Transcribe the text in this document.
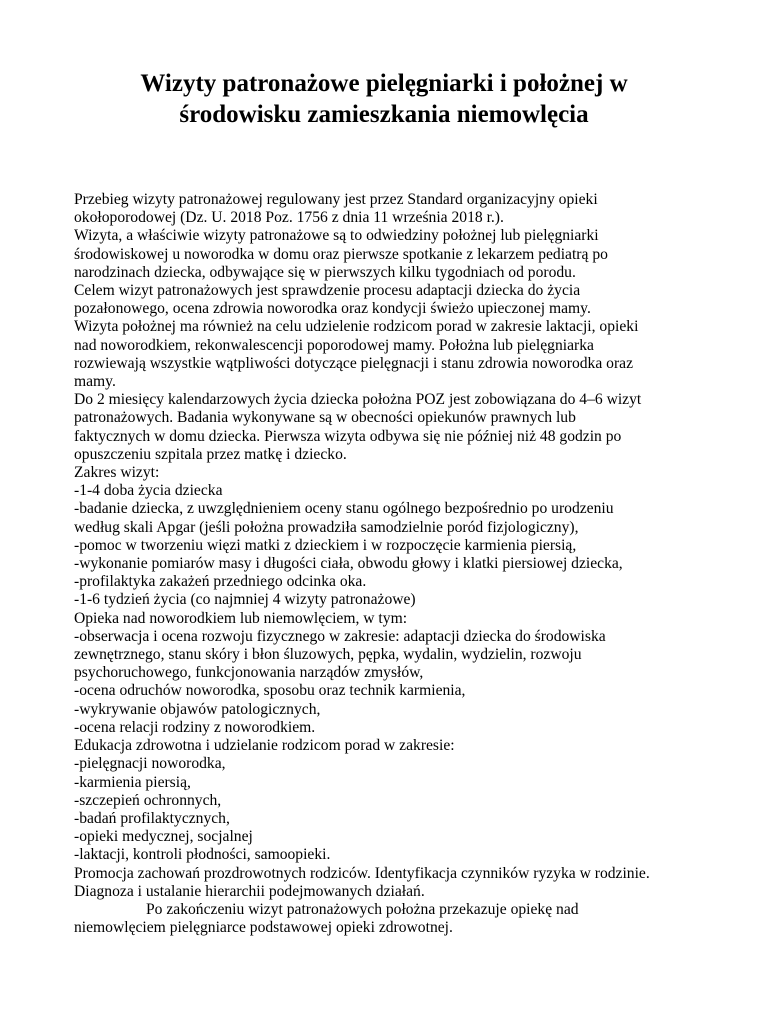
Wizyty patronażowe pielęgniarki i położnej w
środowisku zamieszkania niemowlęcia
Przebieg wizyty patronażowej regulowany jest przez Standard organizacyjny opieki
okołoporodowej (Dz. U. 2018 Poz. 1756 z dnia 11 września 2018 r.).
Wizyta, a właściwie wizyty patronażowe są to odwiedziny położnej lub pielęgniarki
środowiskowej u noworodka w domu oraz pierwsze spotkanie z lekarzem pediatrą po
narodzinach dziecka, odbywające się w pierwszych kilku tygodniach od porodu.
Celem wizyt patronażowych jest sprawdzenie procesu adaptacji dziecka do życia
pozałonowego, ocena zdrowia noworodka oraz kondycji świeżo upieczonej mamy.
Wizyta położnej ma również na celu udzielenie rodzicom porad w zakresie laktacji, opieki
nad noworodkiem, rekonwalescencji poporodowej mamy. Położna lub pielęgniarka
rozwiewają wszystkie wątpliwości dotyczące pielęgnacji i stanu zdrowia noworodka oraz
mamy.
Do 2 miesięcy kalendarzowych życia dziecka położna POZ jest zobowiązana do 4–6 wizyt
patronażowych. Badania wykonywane są w obecności opiekunów prawnych lub
faktycznych w domu dziecka. Pierwsza wizyta odbywa się nie później niż 48 godzin po
opuszczeniu szpitala przez matkę i dziecko.
Zakres wizyt:
-1-4 doba życia dziecka
-badanie dziecka, z uwzględnieniem oceny stanu ogólnego bezpośrednio po urodzeniu
według skali Apgar (jeśli położna prowadziła samodzielnie poród fizjologiczny),
-pomoc w tworzeniu więzi matki z dzieckiem i w rozpoczęcie karmienia piersią,
-wykonanie pomiarów masy i długości ciała, obwodu głowy i klatki piersiowej dziecka,
-profilaktyka zakażeń przedniego odcinka oka.
-1-6 tydzień życia (co najmniej 4 wizyty patronażowe)
Opieka nad noworodkiem lub niemowlęciem, w tym:
-obserwacja i ocena rozwoju fizycznego w zakresie: adaptacji dziecka do środowiska
zewnętrznego, stanu skóry i błon śluzowych, pępka, wydalin, wydzielin, rozwoju
psychoruchowego, funkcjonowania narządów zmysłów,
-ocena odruchów noworodka, sposobu oraz technik karmienia,
-wykrywanie objawów patologicznych,
-ocena relacji rodziny z noworodkiem.
Edukacja zdrowotna i udzielanie rodzicom porad w zakresie:
-pielęgnacji noworodka,
-karmienia piersią,
-szczepień ochronnych,
-badań profilaktycznych,
-opieki medycznej, socjalnej
-laktacji, kontroli płodności, samoopieki.
Promocja zachowań prozdrowotnych rodziców. Identyfikacja czynników ryzyka w rodzinie.
Diagnoza i ustalanie hierarchii podejmowanych działań.
Po zakończeniu wizyt patronażowych położna przekazuje opiekę nad
niemowlęciem pielęgniarce podstawowej opieki zdrowotnej.
